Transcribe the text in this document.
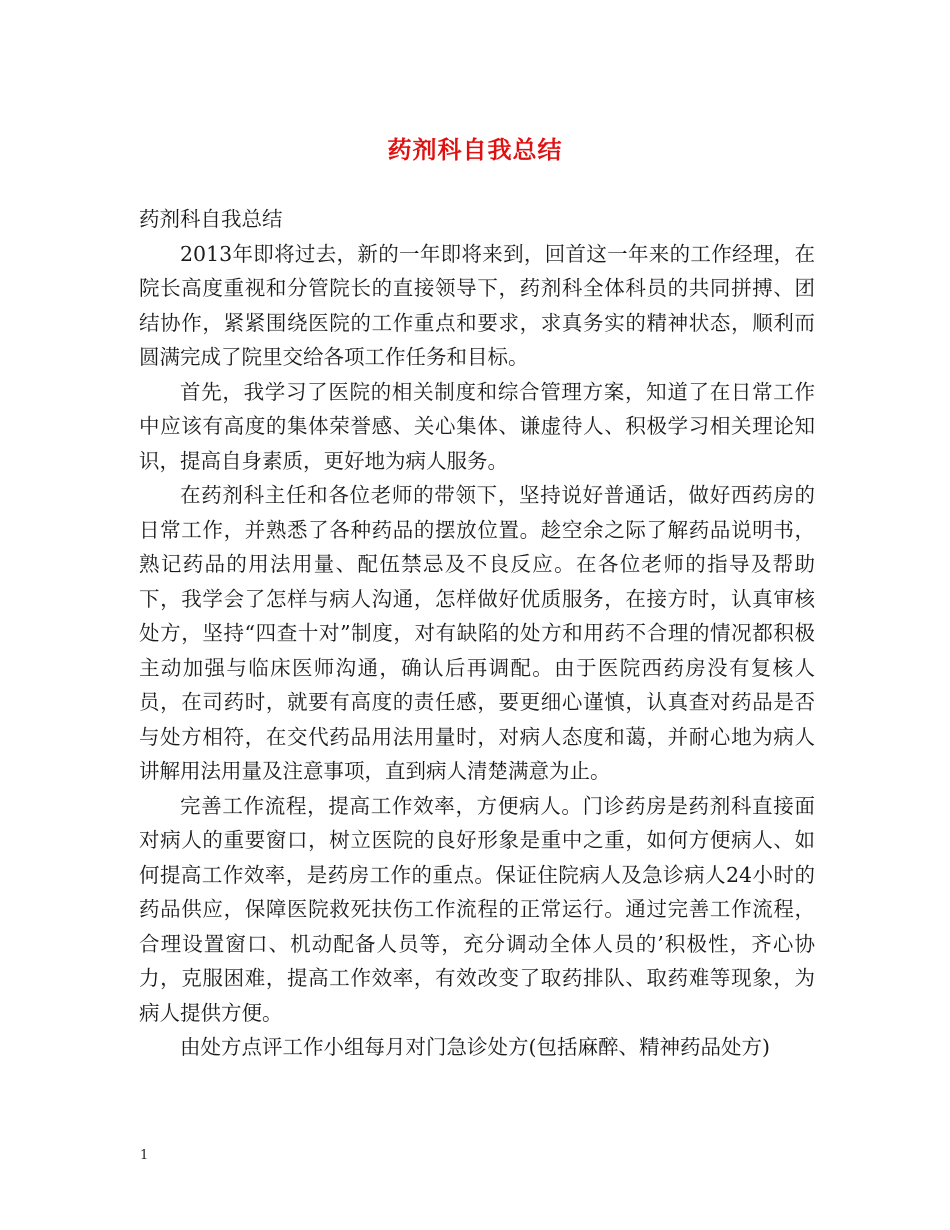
药剂科自我总结

药剂科自我总结

2013年即将过去，新的一年即将来到，回首这一年来的工作经理，在院长高度重视和分管院长的直接领导下，药剂科全体科员的共同拼搏、团结协作，紧紧围绕医院的工作重点和要求，求真务实的精神状态，顺利而圆满完成了院里交给各项工作任务和目标。

首先，我学习了医院的相关制度和综合管理方案，知道了在日常工作中应该有高度的集体荣誉感、关心集体、谦虚待人、积极学习相关理论知识，提高自身素质，更好地为病人服务。

在药剂科主任和各位老师的带领下，坚持说好普通话，做好西药房的日常工作，并熟悉了各种药品的摆放位置。趁空余之际了解药品说明书，熟记药品的用法用量、配伍禁忌及不良反应。在各位老师的指导及帮助下，我学会了怎样与病人沟通，怎样做好优质服务，在接方时，认真审核处方，坚持“四查十对”制度，对有缺陷的处方和用药不合理的情况都积极主动加强与临床医师沟通，确认后再调配。由于医院西药房没有复核人员，在司药时，就要有高度的责任感，要更细心谨慎，认真查对药品是否与处方相符，在交代药品用法用量时，对病人态度和蔼，并耐心地为病人讲解用法用量及注意事项，直到病人清楚满意为止。

完善工作流程，提高工作效率，方便病人。门诊药房是药剂科直接面对病人的重要窗口，树立医院的良好形象是重中之重，如何方便病人、如何提高工作效率，是药房工作的重点。保证住院病人及急诊病人24小时的药品供应，保障医院救死扶伤工作流程的正常运行。通过完善工作流程，合理设置窗口、机动配备人员等，充分调动全体人员的’积极性，齐心协力，克服困难，提高工作效率，有效改变了取药排队、取药难等现象，为病人提供方便。

由处方点评工作小组每月对门急诊处方(包括麻醉、精神药品处方)

1
